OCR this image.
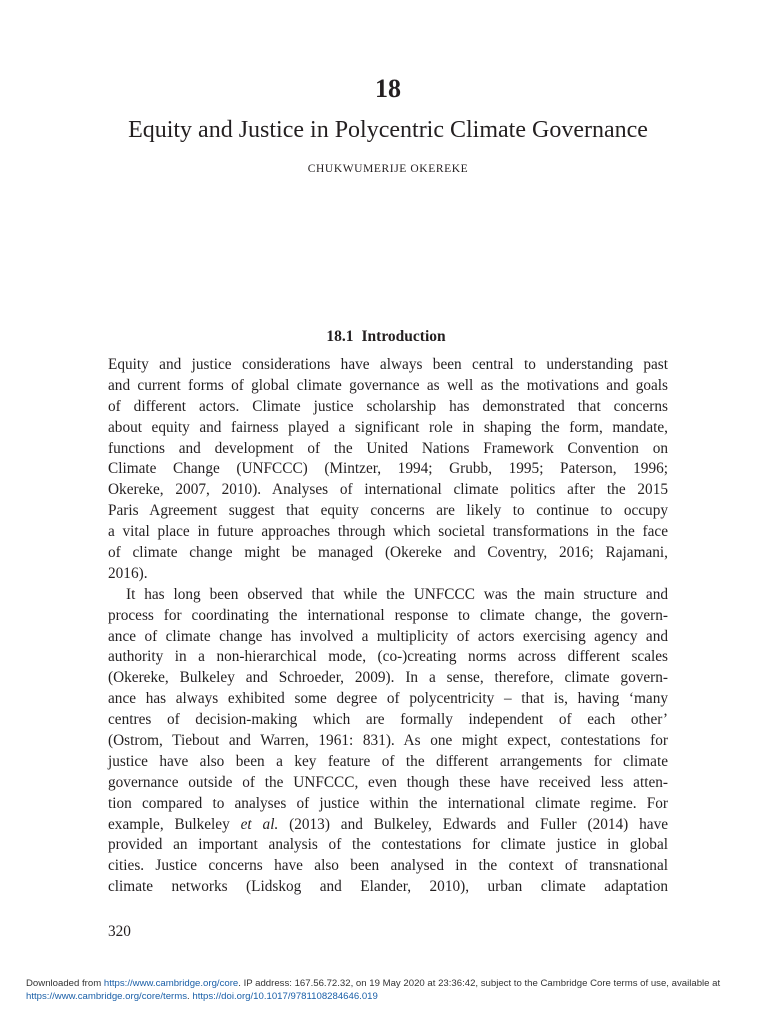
18
Equity and Justice in Polycentric Climate Governance
CHUKWUMERIJE OKEREKE
18.1 Introduction
Equity and justice considerations have always been central to understanding past
and current forms of global climate governance as well as the motivations and goals
of different actors. Climate justice scholarship has demonstrated that concerns
about equity and fairness played a significant role in shaping the form, mandate,
functions and development of the United Nations Framework Convention on
Climate Change (UNFCCC) (Mintzer, 1994; Grubb, 1995; Paterson, 1996;
Okereke, 2007, 2010). Analyses of international climate politics after the 2015
Paris Agreement suggest that equity concerns are likely to continue to occupy
a vital place in future approaches through which societal transformations in the face
of climate change might be managed (Okereke and Coventry, 2016; Rajamani,
2016).
It has long been observed that while the UNFCCC was the main structure and
process for coordinating the international response to climate change, the govern-
ance of climate change has involved a multiplicity of actors exercising agency and
authority in a non-hierarchical mode, (co-)creating norms across different scales
(Okereke, Bulkeley and Schroeder, 2009). In a sense, therefore, climate govern-
ance has always exhibited some degree of polycentricity – that is, having ‘many
centres of decision-making which are formally independent of each other’
(Ostrom, Tiebout and Warren, 1961: 831). As one might expect, contestations for
justice have also been a key feature of the different arrangements for climate
governance outside of the UNFCCC, even though these have received less atten-
tion compared to analyses of justice within the international climate regime. For
example, Bulkeley et al. (2013) and Bulkeley, Edwards and Fuller (2014) have
provided an important analysis of the contestations for climate justice in global
cities. Justice concerns have also been analysed in the context of transnational
climate networks (Lidskog and Elander, 2010), urban climate adaptation
320
Downloaded from https://www.cambridge.org/core. IP address: 167.56.72.32, on 19 May 2020 at 23:36:42, subject to the Cambridge Core terms of use, available at
https://www.cambridge.org/core/terms. https://doi.org/10.1017/9781108284646.019
